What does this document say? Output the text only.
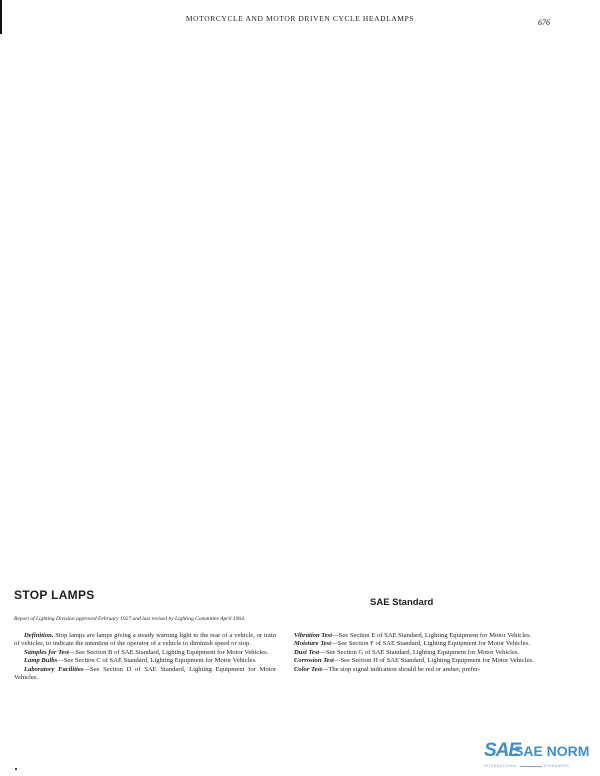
MOTORCYCLE AND MOTOR DRIVEN CYCLE HEADLAMPS	676
STOP LAMPS
SAE Standard
Report of Lighting Division approved February 1927 and last revised by Lighting Committee April 1964.

Definition. Stop lamps are lamps giving a steady warning light to the rear of a vehicle, or train of vehicles, to indicate the intention of the operator of a vehicle to diminish speed or stop.

Samples for Test—See Section B of SAE Standard, Lighting Equipment for Motor Vehicles.

Lamp Bulbs—See Section C of SAE Standard, Lighting Equipment for Motor Vehicles.

Laboratory Facilities—See Section D of SAE Standard, Lighting Equipment for Motor Vehicles.

Vibration Test—See Section E of SAE Standard, Lighting Equipment for Motor Vehicles.

Moisture Test—See Section F of SAE Standard, Lighting Equipment for Motor Vehicles.

Dust Test—See Section G of SAE Standard, Lighting Equipment for Motor Vehicles.

Corrosion Test—See Section H of SAE Standard, Lighting Equipment for Motor Vehicles.

Color Test—The stop signal indication should be red or amber, prefer-

SAE
SAE NORM
INTERNATIONAL	STANDARDS
